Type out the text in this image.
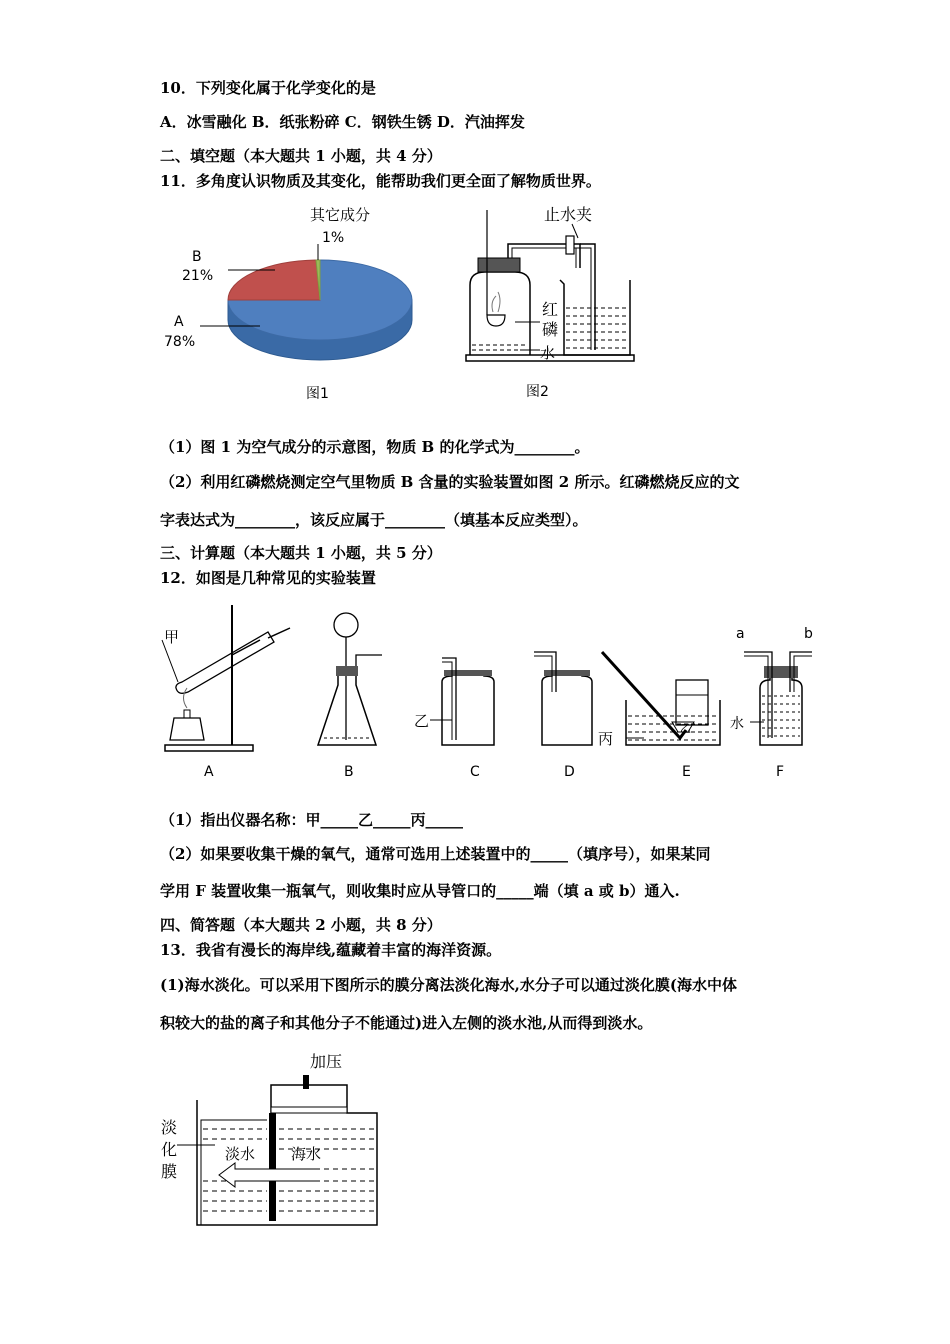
10．下列变化属于化学变化的是
A．冰雪融化 B．纸张粉碎 C．钢铁生锈 D．汽油挥发
二、填空题（本大题共 1 小题，共 4 分）
11．多角度认识物质及其变化，能帮助我们更全面了解物质世界。
其它成分
1%
B
21%
A
78%
图1
止水夹
红
磷
水
图2
（1）图 1 为空气成分的示意图，物质 B 的化学式为________。
（2）利用红磷燃烧测定空气里物质 B 含量的实验装置如图 2 所示。红磷燃烧反应的文
字表达式为________，该反应属于________（填基本反应类型）。
三、计算题（本大题共 1 小题，共 5 分）
12．如图是几种常见的实验装置
甲
A	B
乙
C	D
丙
乙
E
a	b
水
F
（1）指出仪器名称：甲_____乙_____丙_____
（2）如果要收集干燥的氧气，通常可选用上述装置中的_____（填序号），如果某同
学用 F 装置收集一瓶氧气，则收集时应从导管口的_____端（填 a 或 b）通入.
四、简答题（本大题共 2 小题，共 8 分）
13．我省有漫长的海岸线,蕴藏着丰富的海洋资源。
(1)海水淡化。可以采用下图所示的膜分离法淡化海水,水分子可以通过淡化膜(海水中体
积较大的盐的离子和其他分子不能通过)进入左侧的淡水池,从而得到淡水。
加压
淡
化
膜
淡水 海水
